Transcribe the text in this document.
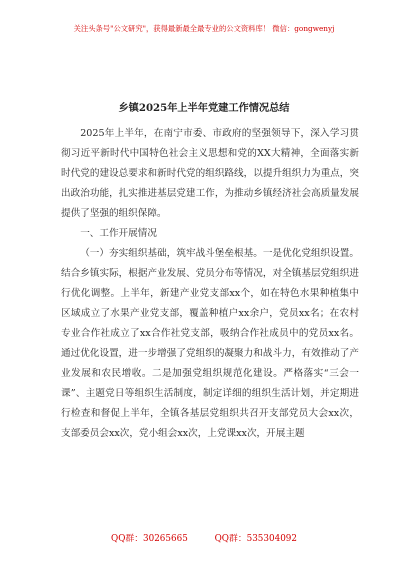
关注头条号"公文研究"，获得最新最全最专业的公文资料库！ 微信：gongwenyj
乡镇2025年上半年党建工作情况总结

2025年上半年，在南宁市委、市政府的坚强领导下，深入学习贯彻习近平新时代中国特色社会主义思想和党的XX大精神，全面落实新时代党的建设总要求和新时代党的组织路线，以提升组织力为重点，突出政治功能，扎实推进基层党建工作，为推动乡镇经济社会高质量发展提供了坚强的组织保障。

一、工作开展情况

（一）夯实组织基础，筑牢战斗堡垒根基。一是优化党组织设置。结合乡镇实际，根据产业发展、党员分布等情况，对全镇基层党组织进行优化调整。上半年，新建产业党支部xx个，如在特色水果种植集中区域成立了水果产业党支部，覆盖种植户xx余户，党员xx名；在农村专业合作社成立了xx合作社党支部，吸纳合作社成员中的党员xx名。通过优化设置，进一步增强了党组织的凝聚力和战斗力，有效推动了产业发展和农民增收。二是加强党组织规范化建设。严格落实“三会一课”、主题党日等组织生活制度，制定详细的组织生活计划，并定期进行检查和督促上半年，全镇各基层党组织共召开支部党员大会xx次，支部委员会xx次，党小组会xx次，上党课xx次，开展主题

QQ群：30265665	QQ群：535304092
